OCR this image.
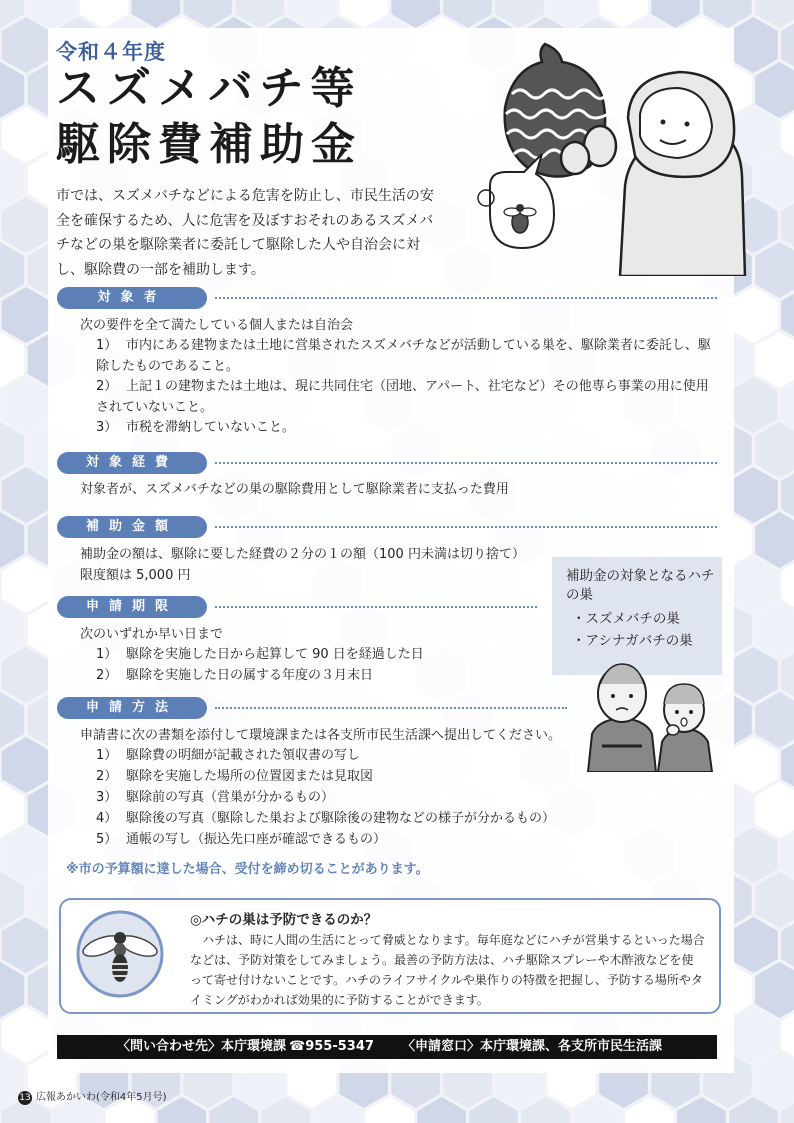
令和４年度
スズメバチ等
駆除費補助金
市では、スズメバチなどによる危害を防止し、市民生活の安全を確保するため、人に危害を及ぼすおそれのあるスズメバチなどの巣を駆除業者に委託して駆除した人や自治会に対し、駆除費の一部を補助します。
対象者
次の要件を全て満たしている個人または自治会
1） 市内にある建物または土地に営巣されたスズメバチなどが活動している巣を、駆除業者に委託し、駆除したものであること。
2） 上記１の建物または土地は、現に共同住宅（団地、アパート、社宅など）その他専ら事業の用に使用されていないこと。
3） 市税を滞納していないこと。
対象経費
対象者が、スズメバチなどの巣の駆除費用として駆除業者に支払った費用
補助金額
補助金の額は、駆除に要した経費の２分の１の額（100 円未満は切り捨て）
限度額は 5,000 円	補助金の対象となるハチの巣
・スズメバチの巣
・アシナガバチの巣
申請期限
次のいずれか早い日まで
1） 駆除を実施した日から起算して 90 日を経過した日
2） 駆除を実施した日の属する年度の３月末日
申請方法
申請書に次の書類を添付して環境課または各支所市民生活課へ提出してください。
1） 駆除費の明細が記載された領収書の写し
2） 駆除を実施した場所の位置図または見取図
3） 駆除前の写真（営巣が分かるもの）
4） 駆除後の写真（駆除した巣および駆除後の建物などの様子が分かるもの）
5） 通帳の写し（振込先口座が確認できるもの）
※市の予算額に達した場合、受付を締め切ることがあります。
◎ハチの巣は予防できるのか？
ハチは、時に人間の生活にとって脅威となります。毎年庭などにハチが営巣するといった場合などは、予防対策をしてみましょう。最善の予防方法は、ハチ駆除スプレーや木酢液などを使って寄せ付けないことです。ハチのライフサイクルや巣作りの特徴を把握し、予防する場所やタイミングがわかれば効果的に予防することができます。
〈問い合わせ先〉本庁環境課 ☎955-5347 〈申請窓口〉本庁環境課、各支所市民生活課
13 広報あかいわ(令和4年5月号)
